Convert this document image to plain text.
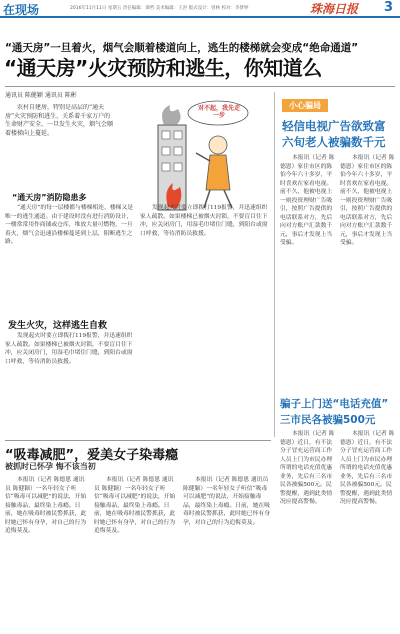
在现场	2016年11月11日 星期五 责任编辑：谭哲 美术编辑：王洪 版式设计：曾林 校对：李梦婷	珠海日报 3
“通天房”一旦着火，烟气会顺着楼道向上，逃生的楼梯就会变成“绝命通道”
“通天房”火灾预防和逃生，你知道么
通讯员 陈健颖 通讯员 陈彬
农村自建房，特别是高层的“通天房”火灾预防和逃生，关系着千家万户的生命财产安全。一旦发生火灾，烟气会顺着楼梯向上蔓延。
对不起，我先走一步
“通天房”消防隐患多
“通天房”的每一层楼都与楼梯相连，楼梯又是唯一的逃生通道。由于建设时没有进行消防设计，一楼常常用作商铺或仓库，堆放大量可燃物，一旦着火，烟气会迅速沿楼梯蔓延到上层，阻断逃生之路。
发现起火时要立即拨打119报警，并迅速组织家人疏散。如果楼梯已被烟火封锁，不要盲目往下冲，应关闭房门，用湿毛巾堵住门缝，到阳台或窗口呼救，等待消防员救援。
发生火灾，这样逃生自救
发现起火时要立即拨打119报警，并迅速组织家人疏散。如果楼梯已被烟火封锁，不要盲目往下冲，应关闭房门，用湿毛巾堵住门缝，到阳台或窗口呼救，等待消防员救援。
小心骗局
轻信电视广告欲致富
六旬老人被骗数千元
本报讯（记者 陈德恩）家住市区的陈伯今年六十多岁，平时喜欢在家看电视。前不久，他被电视上一则投资理财广告吸引，按照广告提供的电话联系对方，先后向对方账户汇款数千元，事后才发现上当受骗。
本报讯（记者 陈德恩）家住市区的陈伯今年六十多岁，平时喜欢在家看电视。前不久，他被电视上一则投资理财广告吸引，按照广告提供的电话联系对方，先后向对方账户汇款数千元，事后才发现上当受骗。
骗子上门送“电话充值”
三市民各被骗500元
本报讯（记者 陈德恩）近日，有不法分子冒充运营商工作人员上门为市民办理所谓的电话充值优惠业务，先后有三名市民各被骗500元。民警提醒，遇到此类情况应提高警惕。
本报讯（记者 陈德恩）近日，有不法分子冒充运营商工作人员上门为市民办理所谓的电话充值优惠业务，先后有三名市民各被骗500元。民警提醒，遇到此类情况应提高警惕。
“吸毒减肥”，爱美女子染毒瘾
被抓时已怀孕 悔不该当初
本报讯（记者 陈德恩 通讯员 陈健颖）一名年轻女子听信“吸毒可以减肥”的说法，开始接触毒品，最终染上毒瘾。日前，她在吸毒时被民警抓获，此时她已怀有身孕，对自己的行为追悔莫及。
本报讯（记者 陈德恩 通讯员 陈健颖）一名年轻女子听信“吸毒可以减肥”的说法，开始接触毒品，最终染上毒瘾。日前，她在吸毒时被民警抓获，此时她已怀有身孕，对自己的行为追悔莫及。
本报讯（记者 陈德恩 通讯员 陈健颖）一名年轻女子听信“吸毒可以减肥”的说法，开始接触毒品，最终染上毒瘾。日前，她在吸毒时被民警抓获，此时她已怀有身孕，对自己的行为追悔莫及。
